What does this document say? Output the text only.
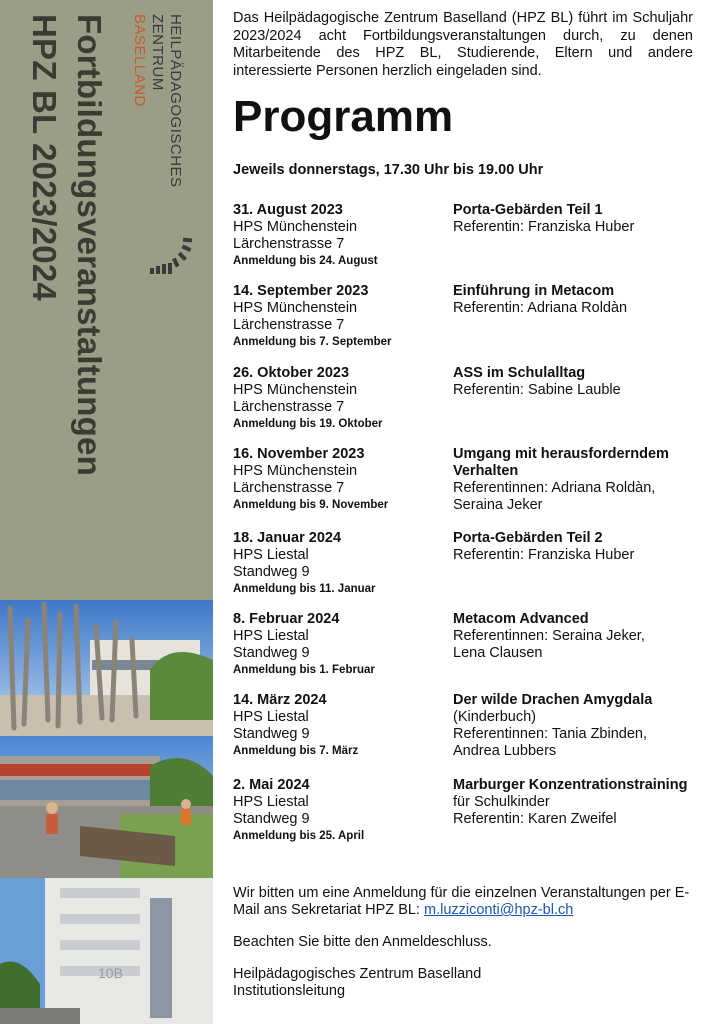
Fortbildungsveranstaltungen
HPZ BL 2023/2024	HEILPÄDAGOGISCHES
ZENTRUM
BASELLAND
10B
Das Heilpädagogische Zentrum Baselland (HPZ BL) führt im Schuljahr 2023/2024 acht Fortbildungsveranstaltungen durch, zu denen Mitarbeitende des HPZ BL, Studierende, Eltern und andere interessierte Personen herzlich eingeladen sind.
Programm
Jeweils donnerstags, 17.30 Uhr bis 19.00 Uhr
31. August 2023
HPS Münchenstein
Lärchenstrasse 7
Anmeldung bis 24. August
Porta-Gebärden Teil 1
Referentin: Franziska Huber
14. September 2023
HPS Münchenstein
Lärchenstrasse 7
Anmeldung bis 7. September
Einführung in Metacom
Referentin: Adriana Roldàn
26. Oktober 2023
HPS Münchenstein
Lärchenstrasse 7
Anmeldung bis 19. Oktober
ASS im Schulalltag
Referentin: Sabine Lauble
16. November 2023
HPS Münchenstein
Lärchenstrasse 7
Anmeldung bis 9. November
Umgang mit herausforderndem
Verhalten
Referentinnen: Adriana Roldàn,
Seraina Jeker
18. Januar 2024
HPS Liestal
Standweg 9
Anmeldung bis 11. Januar
Porta-Gebärden Teil 2
Referentin: Franziska Huber
8. Februar 2024
HPS Liestal
Standweg 9
Anmeldung bis 1. Februar
Metacom Advanced
Referentinnen: Seraina Jeker,
Lena Clausen
14. März 2024
HPS Liestal
Standweg 9
Anmeldung bis 7. März
Der wilde Drachen Amygdala
(Kinderbuch)
Referentinnen: Tania Zbinden,
Andrea Lubbers
2. Mai 2024
HPS Liestal
Standweg 9
Anmeldung bis 25. April
Marburger Konzentrationstraining
für Schulkinder
Referentin: Karen Zweifel

Wir bitten um eine Anmeldung für die einzelnen Veranstaltungen per E-Mail ans Sekretariat HPZ BL: m.luzziconti@hpz-bl.ch

Beachten Sie bitte den Anmeldeschluss.

Heilpädagogisches Zentrum Baselland
Institutionsleitung
